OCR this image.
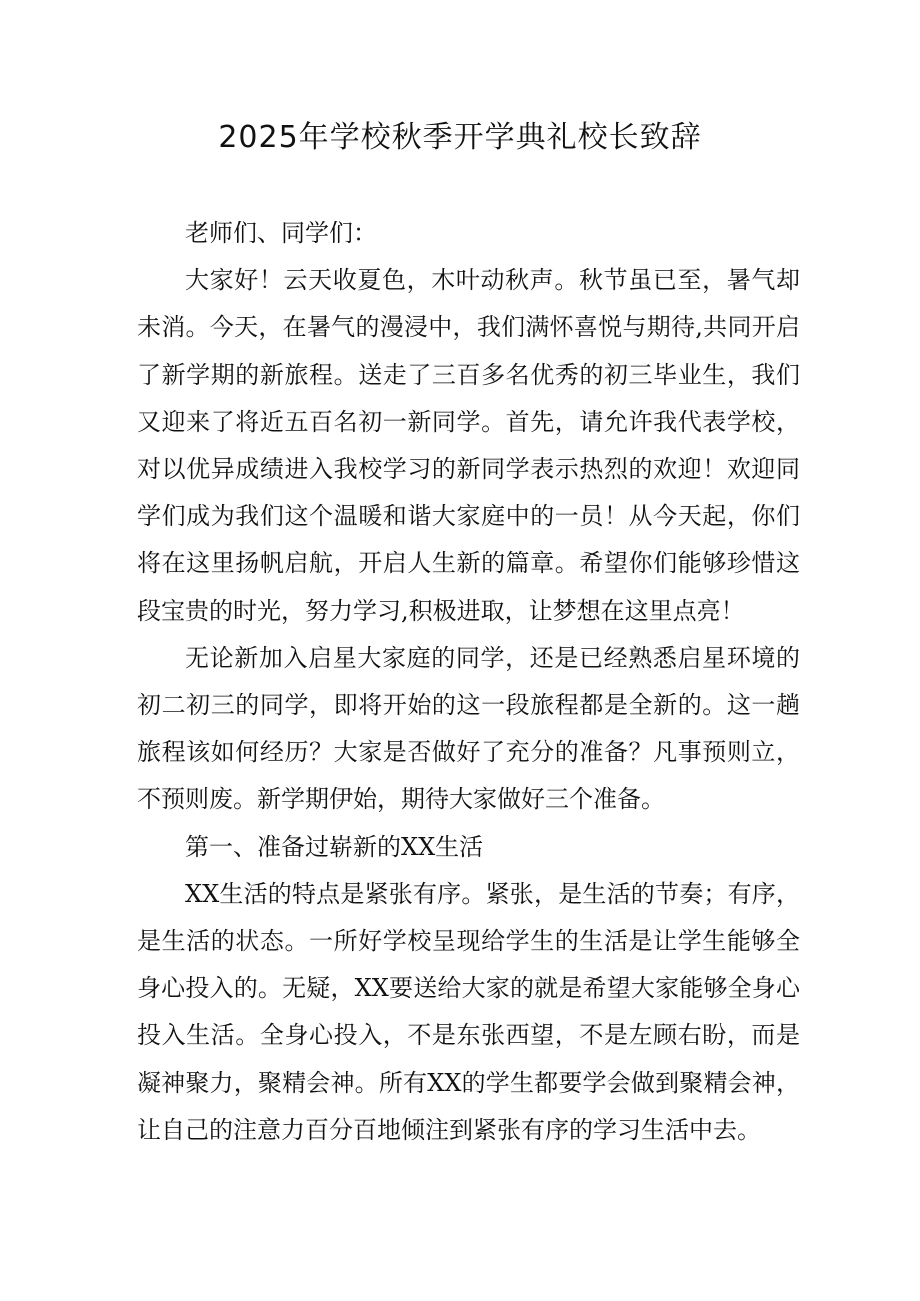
2025年学校秋季开学典礼校长致辞

老师们、同学们：

大家好！云天收夏色，木叶动秋声。秋节虽已至，暑气却未消。今天，在暑气的漫浸中，我们满怀喜悦与期待,共同开启了新学期的新旅程。送走了三百多名优秀的初三毕业生，我们又迎来了将近五百名初一新同学。首先，请允许我代表学校，对以优异成绩进入我校学习的新同学表示热烈的欢迎！欢迎同学们成为我们这个温暖和谐大家庭中的一员！从今天起，你们将在这里扬帆启航，开启人生新的篇章。希望你们能够珍惜这段宝贵的时光，努力学习,积极进取，让梦想在这里点亮！

无论新加入启星大家庭的同学，还是已经熟悉启星环境的初二初三的同学，即将开始的这一段旅程都是全新的。这一趟旅程该如何经历？大家是否做好了充分的准备？凡事预则立，不预则废。新学期伊始，期待大家做好三个准备。

第一、准备过崭新的XX生活

XX生活的特点是紧张有序。紧张，是生活的节奏；有序，是生活的状态。一所好学校呈现给学生的生活是让学生能够全身心投入的。无疑，XX要送给大家的就是希望大家能够全身心投入生活。全身心投入，不是东张西望，不是左顾右盼，而是凝神聚力，聚精会神。所有XX的学生都要学会做到聚精会神，让自己的注意力百分百地倾注到紧张有序的学习生活中去。
